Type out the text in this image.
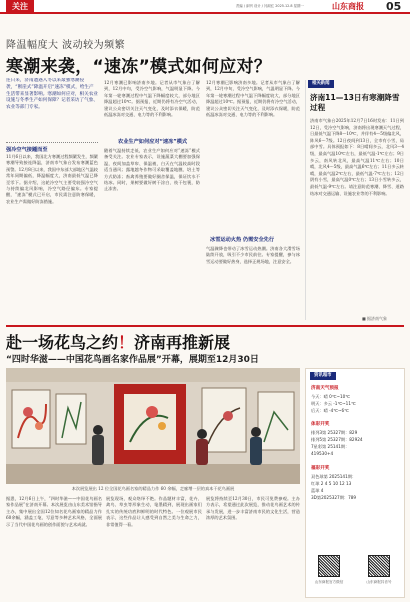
关注	责编 / 副刊 设计 / 闫淑红 2025.12.8 星期一	山东商报 05
降温幅度大 波动较为频繁
寒潮来袭，“速冻”模式如何应对？
连日来，济南遭遇入冬以来最强寒潮侵袭，“断崖式”降温开启“速冻”模式，给生产生活带来显著影响。寒潮如何应对，相关农业设施与冬季生产如何保障？记者采访了气象、农业等部门专家。
强冷空气接踵而至
11月6日以来，我国北方寒潮过程频繁发生，频繁寒潮导致接连降温，济南市气象台发布寒潮蓝色预警。12月8日以来，我国中东部大部地区气温较常年同期偏低，降温幅度大，济南最低气温已降至零下。据介绍，这轮冷空气主要受较强冷空气与持续偏北风影响，冷空气路径偏东。专家提醒，“速冻”模式已开启，市民需注意防寒保暖，农业生产需做好防冻措施。
12月寒潮已影响济南多地。记者从市气象台了解到，12月中旬，受冷空气影响，气温明显下降。今年第一轮寒潮过程中气温下降幅度较大，部分地区降温超过10℃。据预报，近期仍将有冷空气活动，建议公众密切关注天气变化，及时添衣保暖，防范低温冰冻对交通、电力等的不利影响。
农业生产如何应对“速冻”模式
随着气温持续走低，农业生产如何应对“速冻”模式备受关注。农业专家表示，设施蔬菜大棚要加强保温，夜间加盖草帘、保温被，白天在气温较高时段适当通风；露地越冬作物可采取覆盖地膜、培土等方式防冻；畜禽养殖要做好圈舍保温，保证饮水不结冰。同时，果树要做好树干涂白、枝干包裹，防止冻害。
12月寒潮已影响济南多地。记者从市气象台了解到，12月中旬，受冷空气影响，气温明显下降。今年第一轮寒潮过程中气温下降幅度较大，部分地区降温超过10℃。据预报，近期仍将有冷空气活动，建议公众密切关注天气变化，及时添衣保暖，防范低温冰冻对交通、电力等的不利影响。
冰雪运动火热 仍需安全先行
气温骤降也带动了冰雪运动热潮。济南各大滑雪场陆续开放，吸引不少市民前往。专家提醒，参与冰雪运动要做好热身，选择正规场地，注意安全。
相关新闻
济南11—13日有寒潮降雪过程
济南市气象台2025年12月7日16时发布：11日到12日，受冷空气影响，济南将出现寒潮天气过程，日最低气温下降8～10℃，并伴有4～5级偏北风，阵风6～7级。12日夜间到13日，全市有小雪，局部中雪。具体预报如下：8日晴间多云，北风3～4级，最高气温10℃左右，最低气温-1℃左右；9日多云，南风转北风，最高气温11℃左右；10日晴，北风4～5级，最高气温6℃左右；11日多云转晴，最高气温2℃左右，最低气温-7℃左右；12日阴有小雪，最高气温0℃左右；13日小雪转多云，最低气温-9℃左右。请注意防范寒潮、降雪、道路结冰对交通运输、设施农业等的不利影响。
■ 据济南气象
赴一场花鸟之约！济南再推新展
“四时华滋——中国花鸟画名家作品展”开幕，展期至12月30日
本次展览展出 12 位全国花鸟画名家的精品力作 60 余幅，走廊增一层的真本干花鸟画展
据悉，12月6日上午，“四时华滋——中国花鸟画名家作品展”在济南开幕。本次展览由山东美术馆指导主办，集中展出全国12位知名花鸟画家的精品力作60余幅，涵盖工笔、写意等多种艺术风格，全面展示了当代中国花鸟画的创作面貌与艺术成就。
展览现场，观众络绎不绝。作品题材丰富，花卉、禽鸟、草虫等形象生动，笔墨精到，展现出画家们扎实的传统功底和鲜明的时代特色。一位观展市民表示，这些作品让人感受到自然之美与生命之力，非常值得一看。
展览将持续至12月30日，市民可免费参观。主办方表示，希望通过此次展览，推动花鸟画艺术的传承与发展，进一步丰富济南市民的文化生活，营造浓厚的艺术氛围。
资讯超市
济南天气预报
今天：晴 0℃~10℃
明天：多云 -1℃~11℃
后天：晴 -4℃~6℃
体彩开奖
排列3第 25327期：829
排列5第 25327期：82924
7星彩第 25141期：
419530+4
福彩开奖
双色球第 2025141期：
红球 2 4 5 10 12 13
蓝球 4
3D第2025327期：789
山东商报官方微信	山东商报抖音号
